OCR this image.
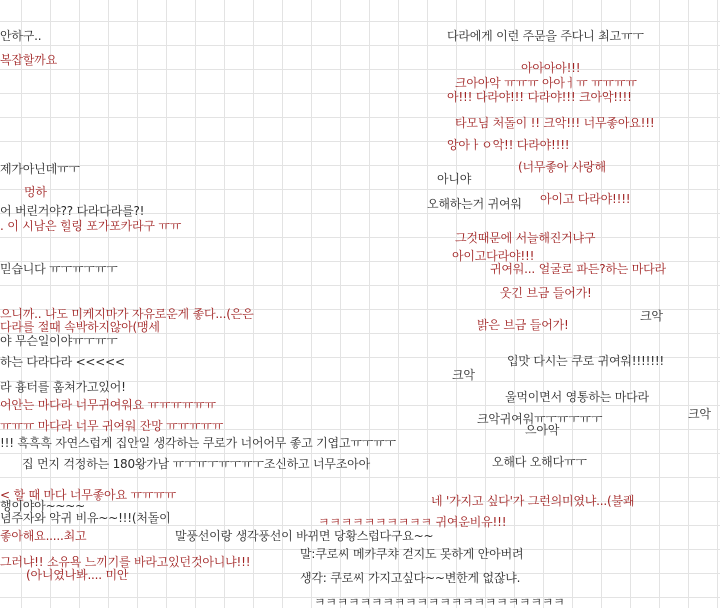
안하구..
복잡할까요
제가아닌데ㅠㅜ
멍하
어 버린거야?? 다라다라를?!
. 이 시남은 힐링 포가포카라구 ㅠㅠ
믿습니다 ㅠㅜㅠㅜㅠㅜ
으니까.. 나도 미케지마가 자유로운게 좋다...(은은
다라를 절때 속박하지않아(맹세
야 무슨일이야ㅠㅜㅠㅜ
하는 다라다라 <<<<<
라 흉터를 훔쳐가고있어!
어안는 마다라 너무귀여워요 ㅠㅠㅠㅠㅠㅠ
ㅠㅠㅠ 마다라 너무 귀여워 잔망 ㅠㅠㅠㅠㅠ
!!! 흑흑흑 자연스럽게 집안일 생각하는 쿠로가 너어어무 좋고 기엽고ㅠㅜㅠㅜ
집 먼지 걱정하는 180왕가남 ㅠㅜㅠㅜㅠㅜㅠㅜ조신하고 너무조아아
< 할 때 마다 너무좋아요 ㅠㅠㅠㅠ
행이야아~~~~
념주자와 악귀 비유~~!!!(처돌이
좋아해요.....최고
그러냐!! 소유욕 느끼기를 바라고있던것아니냐!!!
(아니였나봐.... 미안
다라에게 이런 주문을 주다니 최고ㅠㅜ
아아아아!!!
크아아악 ㅠㅠㅠ 아아ㅓㅠ ㅠㅠㅠㅠ
아!!! 다라야!!! 다라야!!! 크아악!!!!
타모님 처돌이 !! 크악!!! 너무좋아요!!!
앙아ㅏㅇ악!! 다라야!!!!
(너무좋아 사랑해
아니야
아이고 다라야!!!!
오해하는거 귀여워
그것때문에 서늘해진거냐구
아이고다라야!!!
귀여워... 얼굴로 파든?하는 마다라
웃긴 브금 들어가!
크악
밝은 브금 들어가!
입맛 다시는 쿠로 귀여워!!!!!!!
크악
울먹이면서 영통하는 마다라
크악
크악귀여워ㅠㅜㅠㅜㅠㅜ
으아악
오해다 오해다ㅠㅜ
네 '가지고 싶다'가 그런의미였냐...(불쾌
ㅋㅋㅋㅋㅋㅋㅋㅋㅋㅋ 귀여운비유!!!
말풍선이랑 생각풍선이 바뀌면 당황스럽다구요~~
말:쿠로씨 메카쿠챠 걷지도 못하게 안아버려
생각: 쿠로씨 가지고싶다~~변한게 없잖냐.
ㅋㅋㅋㅋㅋㅋㅋㅋㅋㅋㅋㅋㅋㅋㅋㅋㅋㅋㅋㅋㅋㅋ
